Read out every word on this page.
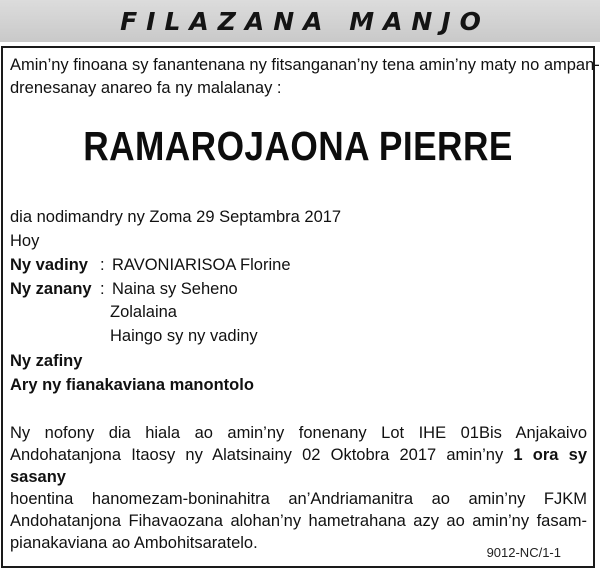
FILAZANA MANJO
Amin’ny finoana sy fanantenana ny fitsanganan’ny tena amin’ny maty no ampan-
drenesanay anareo fa ny malalanay :
RAMAROJAONA PIERRE
dia nodimandry ny Zoma 29 Septambra 2017
Hoy
Ny vadiny : RAVONIARISOA Florine
Ny zanany : Naina sy Seheno
Zolalaina
Haingo sy ny vadiny
Ny zafiny
Ary ny fianakaviana manontolo
Ny nofony dia hiala ao amin’ny fonenany Lot IHE 01Bis Anjakaivo
Andohatanjona Itaosy ny Alatsinainy 02 Oktobra 2017 amin’ny 1 ora sy sasany
hoentina hanomezam-boninahitra an’Andriamanitra ao amin’ny FJKM
Andohatanjona Fihavaozana alohan’ny hametrahana azy ao amin’ny fasam-
pianakaviana ao Ambohitsaratelo.
9012-NC/1-1
